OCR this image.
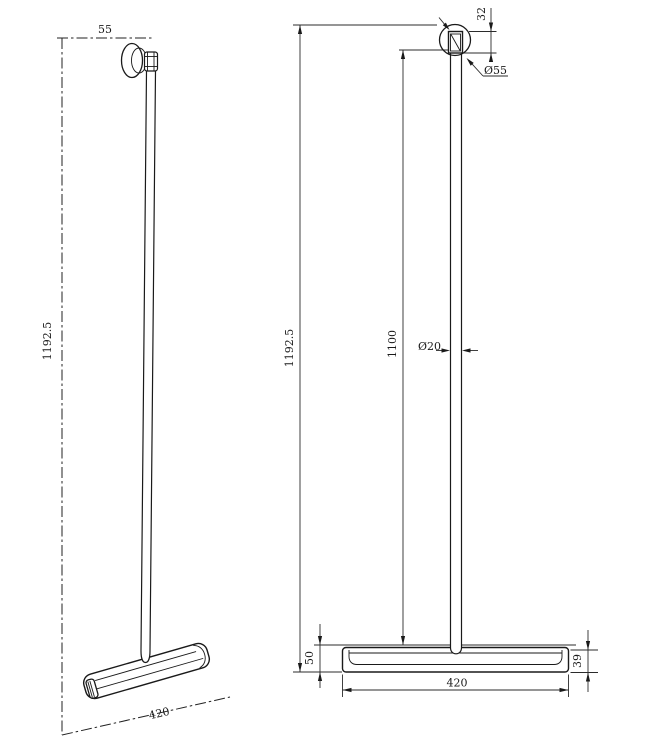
55
1192.5
420
1192.5	1100
32
Ø55
Ø20
50	39
420
